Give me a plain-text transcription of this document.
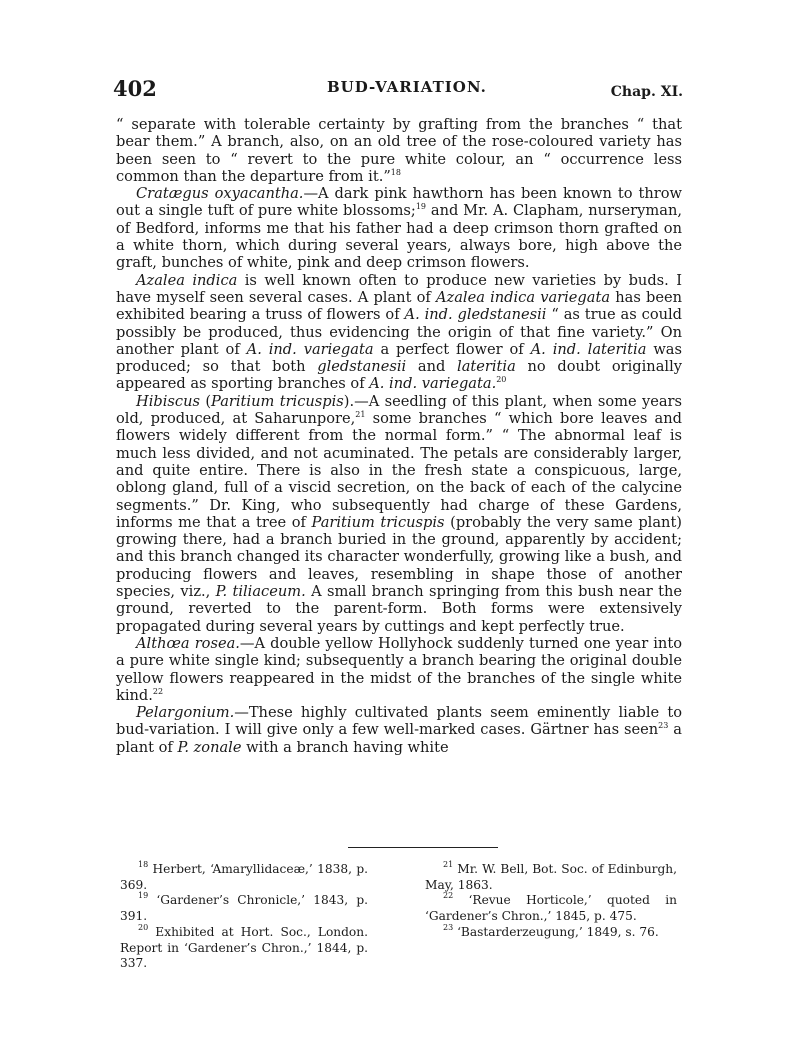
402	BUD-VARIATION.	Chap. XI.

“ separate with tolerable certainty by grafting from the branches “ that bear them.” A branch, also, on an old tree of the rose-coloured variety has been seen to “ revert to the pure white colour, an “ occurrence less common than the departure from it.”$^{18}$

Cratægus oxyacantha.—A dark pink hawthorn has been known to throw out a single tuft of pure white blossoms;$^{19}$ and Mr. A. Clapham, nurseryman, of Bedford, informs me that his father had a deep crimson thorn grafted on a white thorn, which during several years, always bore, high above the graft, bunches of white, pink and deep crimson flowers.

Azalea indica is well known often to produce new varieties by buds. I have myself seen several cases. A plant of Azalea indica variegata has been exhibited bearing a truss of flowers of A. ind. gledstanesii “ as true as could possibly be produced, thus evidencing the origin of that fine variety.” On another plant of A. ind. variegata a perfect flower of A. ind. lateritia was produced; so that both gledstanesii and lateritia no doubt originally appeared as sporting branches of A. ind. variegata.$^{20}$

Hibiscus (Paritium tricuspis).—A seedling of this plant, when some years old, produced, at Saharunpore,$^{21}$ some branches “ which bore leaves and flowers widely different from the normal form.” “ The abnormal leaf is much less divided, and not acuminated. The petals are considerably larger, and quite entire. There is also in the fresh state a conspicuous, large, oblong gland, full of a viscid secretion, on the back of each of the calycine segments.” Dr. King, who subsequently had charge of these Gardens, informs me that a tree of Paritium tricuspis (probably the very same plant) growing there, had a branch buried in the ground, apparently by accident; and this branch changed its character wonderfully, growing like a bush, and producing flowers and leaves, resembling in shape those of another species, viz., P. tiliaceum. A small branch springing from this bush near the ground, reverted to the parent-form. Both forms were extensively propagated during several years by cuttings and kept perfectly true.

Althœa rosea.—A double yellow Hollyhock suddenly turned one year into a pure white single kind; subsequently a branch bearing the original double yellow flowers reappeared in the midst of the branches of the single white kind.$^{22}$

Pelargonium.—These highly cultivated plants seem eminently liable to bud-variation. I will give only a few well-marked cases. Gärtner has seen$^{23}$ a plant of P. zonale with a branch having white

$^{18}$ Herbert, ‘Amaryllidaceæ,’ 1838, p. 369.

$^{19}$ ‘Gardener’s Chronicle,’ 1843, p. 391.

$^{20}$ Exhibited at Hort. Soc., London. Report in ‘Gardener’s Chron.,’ 1844, p. 337.

$^{21}$ Mr. W. Bell, Bot. Soc. of Edinburgh, May, 1863.

$^{22}$ ‘Revue Horticole,’ quoted in ‘Gardener’s Chron.,’ 1845, p. 475.

$^{23}$ ‘Bastarderzeugung,’ 1849, s. 76.
